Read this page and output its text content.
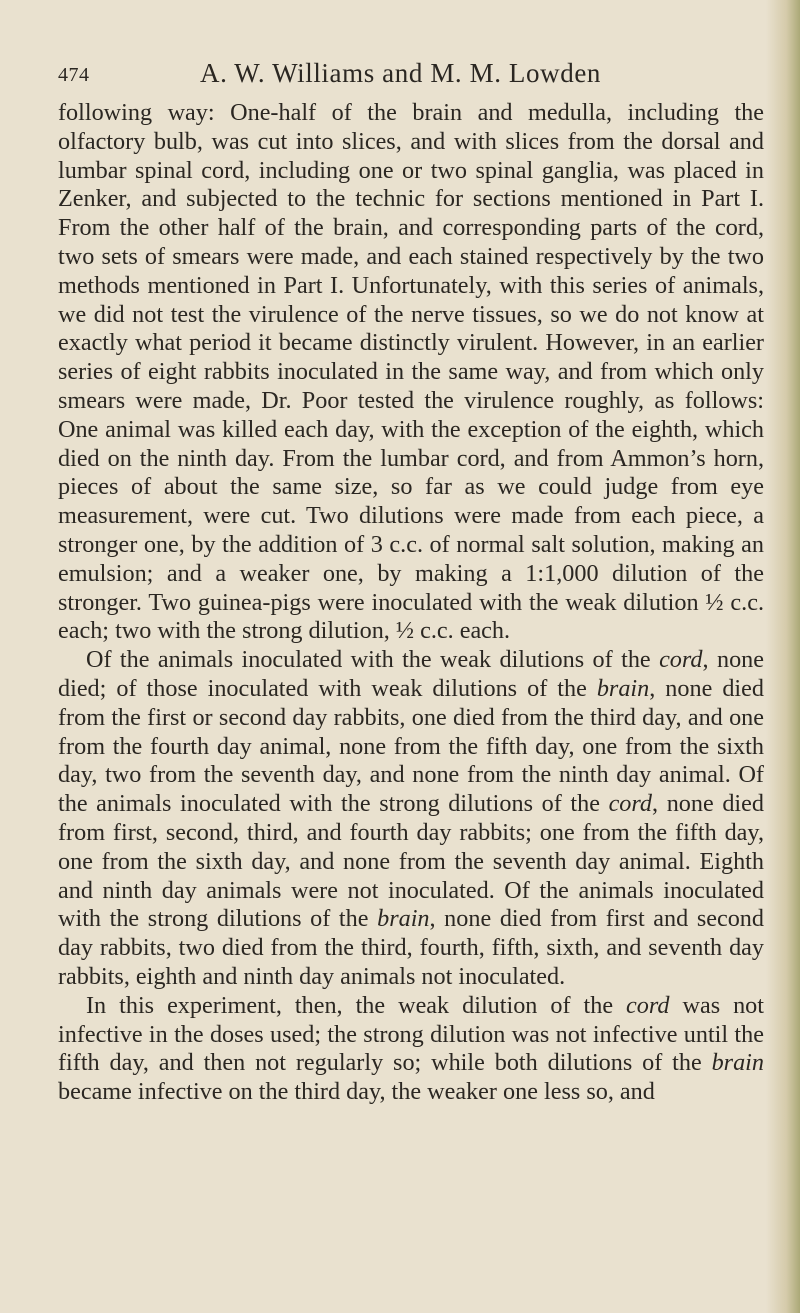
474	A. W. Williams and M. M. Lowden

following way: One-half of the brain and medulla, including the olfactory bulb, was cut into slices, and with slices from the dorsal and lumbar spinal cord, including one or two spinal ganglia, was placed in Zenker, and subjected to the technic for sections mentioned in Part I. From the other half of the brain, and corresponding parts of the cord, two sets of smears were made, and each stained respectively by the two methods mentioned in Part I. Unfortunately, with this series of animals, we did not test the virulence of the nerve tissues, so we do not know at exactly what period it became distinctly virulent. However, in an earlier series of eight rabbits inoculated in the same way, and from which only smears were made, Dr. Poor tested the virulence roughly, as follows: One animal was killed each day, with the exception of the eighth, which died on the ninth day. From the lumbar cord, and from Ammon’s horn, pieces of about the same size, so far as we could judge from eye measurement, were cut. Two dilutions were made from each piece, a stronger one, by the addition of 3 c.c. of normal salt solution, making an emulsion; and a weaker one, by making a 1:1,000 dilution of the stronger. Two guinea-pigs were inoculated with the weak dilution ½ c.c. each; two with the strong dilution, ½ c.c. each.

Of the animals inoculated with the weak dilutions of the cord, none died; of those inoculated with weak dilutions of the brain, none died from the first or second day rabbits, one died from the third day, and one from the fourth day animal, none from the fifth day, one from the sixth day, two from the seventh day, and none from the ninth day animal. Of the animals inoculated with the strong dilutions of the cord, none died from first, second, third, and fourth day rabbits; one from the fifth day, one from the sixth day, and none from the seventh day animal. Eighth and ninth day animals were not inoculated. Of the animals inoculated with the strong dilutions of the brain, none died from first and second day rabbits, two died from the third, fourth, fifth, sixth, and seventh day rabbits, eighth and ninth day animals not inoculated.

In this experiment, then, the weak dilution of the cord was not infective in the doses used; the strong dilution was not infective until the fifth day, and then not regularly so; while both dilutions of the brain became infective on the third day, the weaker one less so, and
